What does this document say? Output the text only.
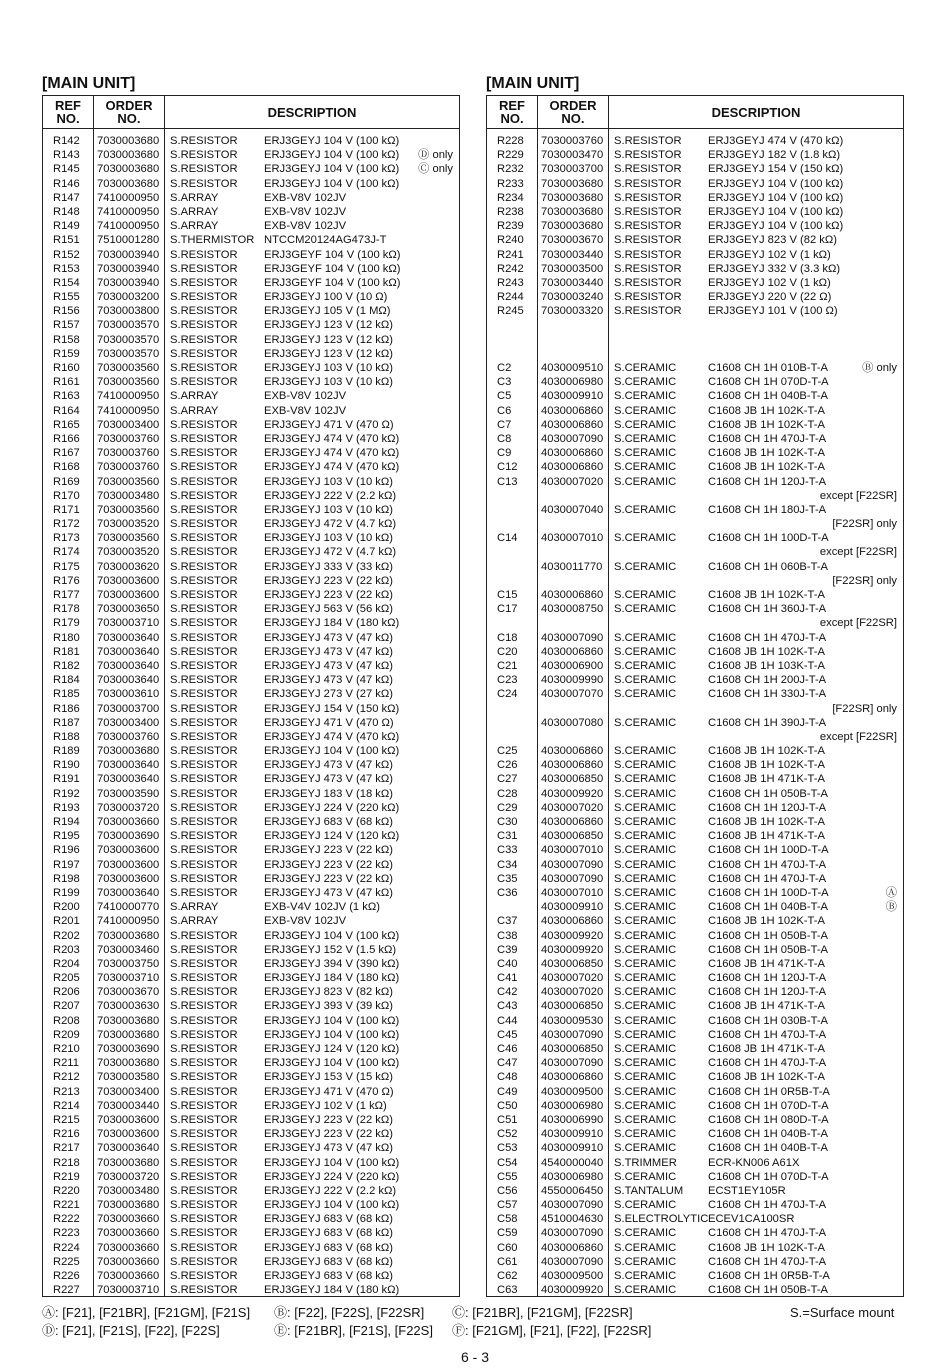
[MAIN UNIT]
REF
NO.
ORDER
NO.	DESCRIPTION
R142 7030003680 S.RESISTOR ERJ3GEYJ 104 V (100 kΩ)
R143 7030003680 S.RESISTOR ERJ3GEYJ 104 V (100 kΩ) Ⓓ only
R145 7030003680 S.RESISTOR ERJ3GEYJ 104 V (100 kΩ) Ⓒ only
R146 7030003680 S.RESISTOR ERJ3GEYJ 104 V (100 kΩ)
R147 7410000950 S.ARRAY	EXB-V8V 102JV
R148 7410000950 S.ARRAY	EXB-V8V 102JV
R149 7410000950 S.ARRAY	EXB-V8V 102JV
R151 7510001280 S.THERMISTOR NTCCM20124AG473J-T
R152 7030003940 S.RESISTOR ERJ3GEYF 104 V (100 kΩ)
R153 7030003940 S.RESISTOR ERJ3GEYF 104 V (100 kΩ)
R154 7030003940 S.RESISTOR ERJ3GEYF 104 V (100 kΩ)
R155 7030003200 S.RESISTOR ERJ3GEYJ 100 V (10 Ω)
R156 7030003800 S.RESISTOR ERJ3GEYJ 105 V (1 MΩ)
R157 7030003570 S.RESISTOR ERJ3GEYJ 123 V (12 kΩ)
R158 7030003570 S.RESISTOR ERJ3GEYJ 123 V (12 kΩ)
R159 7030003570 S.RESISTOR ERJ3GEYJ 123 V (12 kΩ)
R160 7030003560 S.RESISTOR ERJ3GEYJ 103 V (10 kΩ)
R161 7030003560 S.RESISTOR ERJ3GEYJ 103 V (10 kΩ)
R163 7410000950 S.ARRAY	EXB-V8V 102JV
R164 7410000950 S.ARRAY	EXB-V8V 102JV
R165 7030003400 S.RESISTOR ERJ3GEYJ 471 V (470 Ω)
R166 7030003760 S.RESISTOR ERJ3GEYJ 474 V (470 kΩ)
R167 7030003760 S.RESISTOR ERJ3GEYJ 474 V (470 kΩ)
R168 7030003760 S.RESISTOR ERJ3GEYJ 474 V (470 kΩ)
R169 7030003560 S.RESISTOR ERJ3GEYJ 103 V (10 kΩ)
R170 7030003480 S.RESISTOR ERJ3GEYJ 222 V (2.2 kΩ)
R171 7030003560 S.RESISTOR ERJ3GEYJ 103 V (10 kΩ)
R172 7030003520 S.RESISTOR ERJ3GEYJ 472 V (4.7 kΩ)
R173 7030003560 S.RESISTOR ERJ3GEYJ 103 V (10 kΩ)
R174 7030003520 S.RESISTOR ERJ3GEYJ 472 V (4.7 kΩ)
R175 7030003620 S.RESISTOR ERJ3GEYJ 333 V (33 kΩ)
R176 7030003600 S.RESISTOR ERJ3GEYJ 223 V (22 kΩ)
R177 7030003600 S.RESISTOR ERJ3GEYJ 223 V (22 kΩ)
R178 7030003650 S.RESISTOR ERJ3GEYJ 563 V (56 kΩ)
R179 7030003710 S.RESISTOR ERJ3GEYJ 184 V (180 kΩ)
R180 7030003640 S.RESISTOR ERJ3GEYJ 473 V (47 kΩ)
R181 7030003640 S.RESISTOR ERJ3GEYJ 473 V (47 kΩ)
R182 7030003640 S.RESISTOR ERJ3GEYJ 473 V (47 kΩ)
R184 7030003640 S.RESISTOR ERJ3GEYJ 473 V (47 kΩ)
R185 7030003610 S.RESISTOR ERJ3GEYJ 273 V (27 kΩ)
R186 7030003700 S.RESISTOR ERJ3GEYJ 154 V (150 kΩ)
R187 7030003400 S.RESISTOR ERJ3GEYJ 471 V (470 Ω)
R188 7030003760 S.RESISTOR ERJ3GEYJ 474 V (470 kΩ)
R189 7030003680 S.RESISTOR ERJ3GEYJ 104 V (100 kΩ)
R190 7030003640 S.RESISTOR ERJ3GEYJ 473 V (47 kΩ)
R191 7030003640 S.RESISTOR ERJ3GEYJ 473 V (47 kΩ)
R192 7030003590 S.RESISTOR ERJ3GEYJ 183 V (18 kΩ)
R193 7030003720 S.RESISTOR ERJ3GEYJ 224 V (220 kΩ)
R194 7030003660 S.RESISTOR ERJ3GEYJ 683 V (68 kΩ)
R195 7030003690 S.RESISTOR ERJ3GEYJ 124 V (120 kΩ)
R196 7030003600 S.RESISTOR ERJ3GEYJ 223 V (22 kΩ)
R197 7030003600 S.RESISTOR ERJ3GEYJ 223 V (22 kΩ)
R198 7030003600 S.RESISTOR ERJ3GEYJ 223 V (22 kΩ)
R199 7030003640 S.RESISTOR ERJ3GEYJ 473 V (47 kΩ)
R200 7410000770 S.ARRAY	EXB-V4V 102JV (1 kΩ)
R201 7410000950 S.ARRAY	EXB-V8V 102JV
R202 7030003680 S.RESISTOR ERJ3GEYJ 104 V (100 kΩ)
R203 7030003460 S.RESISTOR ERJ3GEYJ 152 V (1.5 kΩ)
R204 7030003750 S.RESISTOR ERJ3GEYJ 394 V (390 kΩ)
R205 7030003710 S.RESISTOR ERJ3GEYJ 184 V (180 kΩ)
R206 7030003670 S.RESISTOR ERJ3GEYJ 823 V (82 kΩ)
R207 7030003630 S.RESISTOR ERJ3GEYJ 393 V (39 kΩ)
R208 7030003680 S.RESISTOR ERJ3GEYJ 104 V (100 kΩ)
R209 7030003680 S.RESISTOR ERJ3GEYJ 104 V (100 kΩ)
R210 7030003690 S.RESISTOR ERJ3GEYJ 124 V (120 kΩ)
R211 7030003680 S.RESISTOR ERJ3GEYJ 104 V (100 kΩ)
R212 7030003580 S.RESISTOR ERJ3GEYJ 153 V (15 kΩ)
R213 7030003400 S.RESISTOR ERJ3GEYJ 471 V (470 Ω)
R214 7030003440 S.RESISTOR ERJ3GEYJ 102 V (1 kΩ)
R215 7030003600 S.RESISTOR ERJ3GEYJ 223 V (22 kΩ)
R216 7030003600 S.RESISTOR ERJ3GEYJ 223 V (22 kΩ)
R217 7030003640 S.RESISTOR ERJ3GEYJ 473 V (47 kΩ)
R218 7030003680 S.RESISTOR ERJ3GEYJ 104 V (100 kΩ)
R219 7030003720 S.RESISTOR ERJ3GEYJ 224 V (220 kΩ)
R220 7030003480 S.RESISTOR ERJ3GEYJ 222 V (2.2 kΩ)
R221 7030003680 S.RESISTOR ERJ3GEYJ 104 V (100 kΩ)
R222 7030003660 S.RESISTOR ERJ3GEYJ 683 V (68 kΩ)
R223 7030003660 S.RESISTOR ERJ3GEYJ 683 V (68 kΩ)
R224 7030003660 S.RESISTOR ERJ3GEYJ 683 V (68 kΩ)
R225 7030003660 S.RESISTOR ERJ3GEYJ 683 V (68 kΩ)
R226 7030003660 S.RESISTOR ERJ3GEYJ 683 V (68 kΩ)
R227 7030003710 S.RESISTOR ERJ3GEYJ 184 V (180 kΩ)
[MAIN UNIT]
REF
NO.
ORDER
NO.	DESCRIPTION
R228 7030003760 S.RESISTOR ERJ3GEYJ 474 V (470 kΩ)
R229 7030003470 S.RESISTOR ERJ3GEYJ 182 V (1.8 kΩ)
R232 7030003700 S.RESISTOR ERJ3GEYJ 154 V (150 kΩ)
R233 7030003680 S.RESISTOR ERJ3GEYJ 104 V (100 kΩ)
R234 7030003680 S.RESISTOR ERJ3GEYJ 104 V (100 kΩ)
R238 7030003680 S.RESISTOR ERJ3GEYJ 104 V (100 kΩ)
R239 7030003680 S.RESISTOR ERJ3GEYJ 104 V (100 kΩ)
R240 7030003670 S.RESISTOR ERJ3GEYJ 823 V (82 kΩ)
R241 7030003440 S.RESISTOR ERJ3GEYJ 102 V (1 kΩ)
R242 7030003500 S.RESISTOR ERJ3GEYJ 332 V (3.3 kΩ)
R243 7030003440 S.RESISTOR ERJ3GEYJ 102 V (1 kΩ)
R244 7030003240 S.RESISTOR ERJ3GEYJ 220 V (22 Ω)
R245 7030003320 S.RESISTOR ERJ3GEYJ 101 V (100 Ω)
C2	4030009510 S.CERAMIC	C1608 CH 1H 010B-T-A	Ⓑ only
C3	4030006980 S.CERAMIC	C1608 CH 1H 070D-T-A
C5	4030009910 S.CERAMIC	C1608 CH 1H 040B-T-A
C6	4030006860 S.CERAMIC	C1608 JB 1H 102K-T-A
C7	4030006860 S.CERAMIC	C1608 JB 1H 102K-T-A
C8	4030007090 S.CERAMIC	C1608 CH 1H 470J-T-A
C9	4030006860 S.CERAMIC	C1608 JB 1H 102K-T-A
C12 4030006860 S.CERAMIC	C1608 JB 1H 102K-T-A
C13 4030007020 S.CERAMIC	C1608 CH 1H 120J-T-A
except [F22SR]
4030007040 S.CERAMIC	C1608 CH 1H 180J-T-A
[F22SR] only
C14 4030007010 S.CERAMIC	C1608 CH 1H 100D-T-A
except [F22SR]
4030011770 S.CERAMIC	C1608 CH 1H 060B-T-A
[F22SR] only
C15 4030006860 S.CERAMIC	C1608 JB 1H 102K-T-A
C17 4030008750 S.CERAMIC	C1608 CH 1H 360J-T-A
except [F22SR]
C18 4030007090 S.CERAMIC	C1608 CH 1H 470J-T-A
C20 4030006860 S.CERAMIC	C1608 JB 1H 102K-T-A
C21 4030006900 S.CERAMIC	C1608 JB 1H 103K-T-A
C23 4030009990 S.CERAMIC	C1608 CH 1H 200J-T-A
C24 4030007070 S.CERAMIC	C1608 CH 1H 330J-T-A
[F22SR] only
4030007080 S.CERAMIC	C1608 CH 1H 390J-T-A
except [F22SR]
C25 4030006860 S.CERAMIC	C1608 JB 1H 102K-T-A
C26 4030006860 S.CERAMIC	C1608 JB 1H 102K-T-A
C27 4030006850 S.CERAMIC	C1608 JB 1H 471K-T-A
C28 4030009920 S.CERAMIC	C1608 CH 1H 050B-T-A
C29 4030007020 S.CERAMIC	C1608 CH 1H 120J-T-A
C30 4030006860 S.CERAMIC	C1608 JB 1H 102K-T-A
C31 4030006850 S.CERAMIC	C1608 JB 1H 471K-T-A
C33 4030007010 S.CERAMIC	C1608 CH 1H 100D-T-A
C34 4030007090 S.CERAMIC	C1608 CH 1H 470J-T-A
C35 4030007090 S.CERAMIC	C1608 CH 1H 470J-T-A
C36 4030007010 S.CERAMIC	C1608 CH 1H 100D-T-A	Ⓐ
4030009910 S.CERAMIC	C1608 CH 1H 040B-T-A	Ⓑ
C37 4030006860 S.CERAMIC	C1608 JB 1H 102K-T-A
C38 4030009920 S.CERAMIC	C1608 CH 1H 050B-T-A
C39 4030009920 S.CERAMIC	C1608 CH 1H 050B-T-A
C40 4030006850 S.CERAMIC	C1608 JB 1H 471K-T-A
C41 4030007020 S.CERAMIC	C1608 CH 1H 120J-T-A
C42 4030007020 S.CERAMIC	C1608 CH 1H 120J-T-A
C43 4030006850 S.CERAMIC	C1608 JB 1H 471K-T-A
C44 4030009530 S.CERAMIC	C1608 CH 1H 030B-T-A
C45 4030007090 S.CERAMIC	C1608 CH 1H 470J-T-A
C46 4030006850 S.CERAMIC	C1608 JB 1H 471K-T-A
C47 4030007090 S.CERAMIC	C1608 CH 1H 470J-T-A
C48 4030006860 S.CERAMIC	C1608 JB 1H 102K-T-A
C49 4030009500 S.CERAMIC	C1608 CH 1H 0R5B-T-A
C50 4030006980 S.CERAMIC	C1608 CH 1H 070D-T-A
C51 4030006990 S.CERAMIC	C1608 CH 1H 080D-T-A
C52 4030009910 S.CERAMIC	C1608 CH 1H 040B-T-A
C53 4030009910 S.CERAMIC	C1608 CH 1H 040B-T-A
C54 4540000040 S.TRIMMER	ECR-KN006 A61X
C55 4030006980 S.CERAMIC	C1608 CH 1H 070D-T-A
C56 4550006450 S.TANTALUM ECST1EY105R
C57 4030007090 S.CERAMIC	C1608 CH 1H 470J-T-A
C58 4510004630 S.ELECTROLYTIC ECEV1CA100SR
C59 4030007090 S.CERAMIC	C1608 CH 1H 470J-T-A
C60 4030006860 S.CERAMIC	C1608 JB 1H 102K-T-A
C61 4030007090 S.CERAMIC	C1608 CH 1H 470J-T-A
C62 4030009500 S.CERAMIC	C1608 CH 1H 0R5B-T-A
C63 4030009920 S.CERAMIC	C1608 CH 1H 050B-T-A
Ⓐ: [F21], [F21BR], [F21GM], [F21S] Ⓑ: [F22], [F22S], [F22SR] Ⓒ: [F21BR], [F21GM], [F22SR]	S.=Surface mount
Ⓓ: [F21], [F21S], [F22], [F22S]	Ⓔ: [F21BR], [F21S], [F22S] Ⓕ: [F21GM], [F21], [F22], [F22SR]
6 - 3
